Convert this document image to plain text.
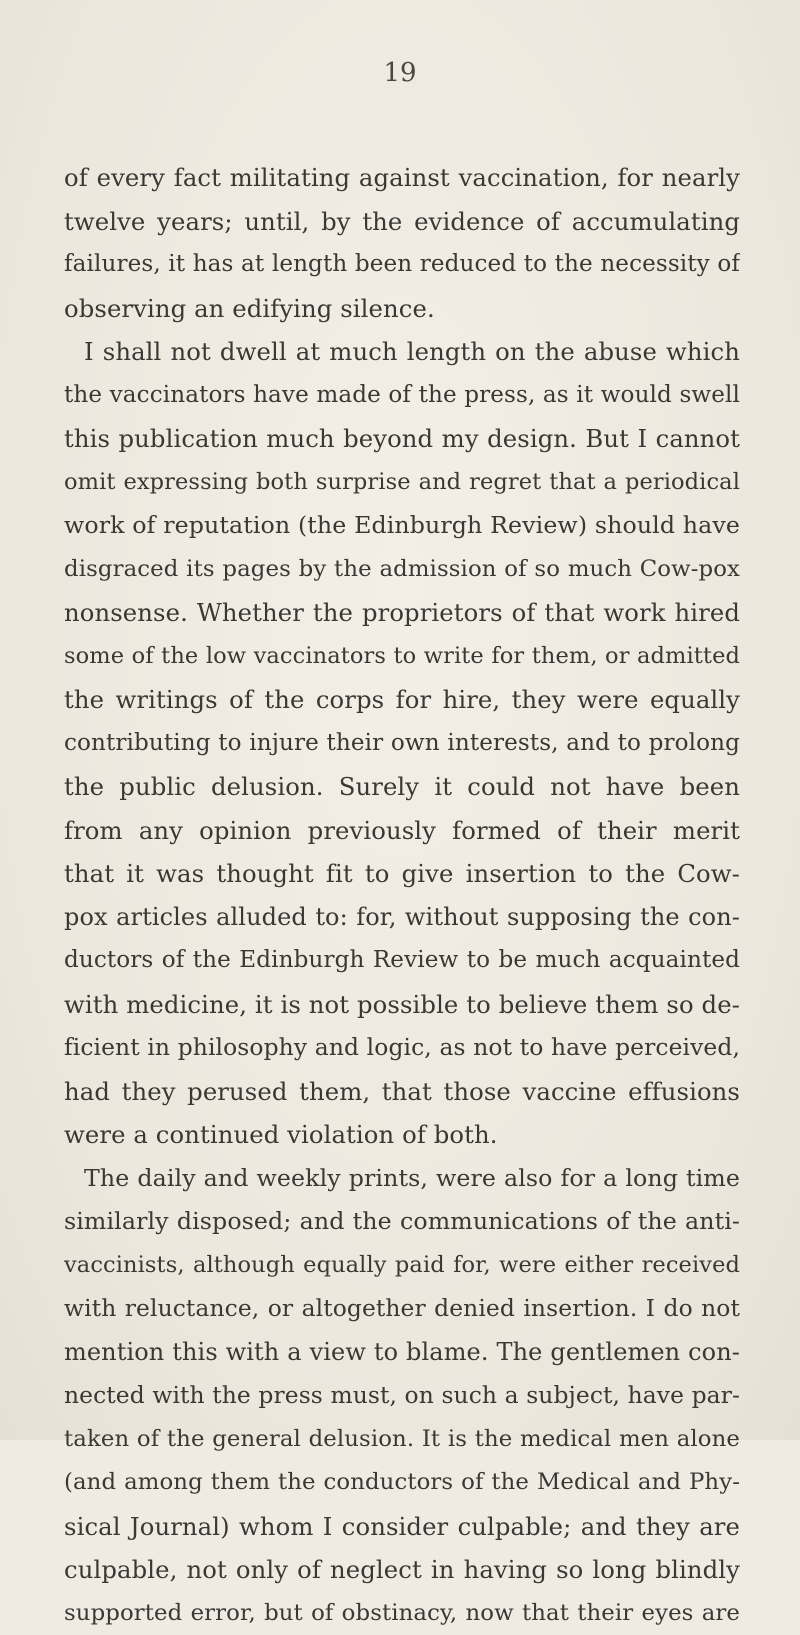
19
of every fact militating against vaccination, for nearly
twelve years; until, by the evidence of accumulating
failures, it has at length been reduced to the necessity of
observing an edifying silence.
I shall not dwell at much length on the abuse which
the vaccinators have made of the press, as it would swell
this publication much beyond my design. But I cannot
omit expressing both surprise and regret that a periodical
work of reputation (the Edinburgh Review) should have
disgraced its pages by the admission of so much Cow-pox
nonsense. Whether the proprietors of that work hired
some of the low vaccinators to write for them, or admitted
the writings of the corps for hire, they were equally
contributing to injure their own interests, and to prolong
the public delusion. Surely it could not have been
from any opinion previously formed of their merit
that it was thought fit to give insertion to the Cow-
pox articles alluded to: for, without supposing the con-
ductors of the Edinburgh Review to be much acquainted
with medicine, it is not possible to believe them so de-
ficient in philosophy and logic, as not to have perceived,
had they perused them, that those vaccine effusions
were a continued violation of both.
The daily and weekly prints, were also for a long time
similarly disposed; and the communications of the anti-
vaccinists, although equally paid for, were either received
with reluctance, or altogether denied insertion. I do not
mention this with a view to blame. The gentlemen con-
nected with the press must, on such a subject, have par-
taken of the general delusion. It is the medical men alone
(and among them the conductors of the Medical and Phy-
sical Journal) whom I consider culpable; and they are
culpable, not only of neglect in having so long blindly
supported error, but of obstinacy, now that their eyes are
